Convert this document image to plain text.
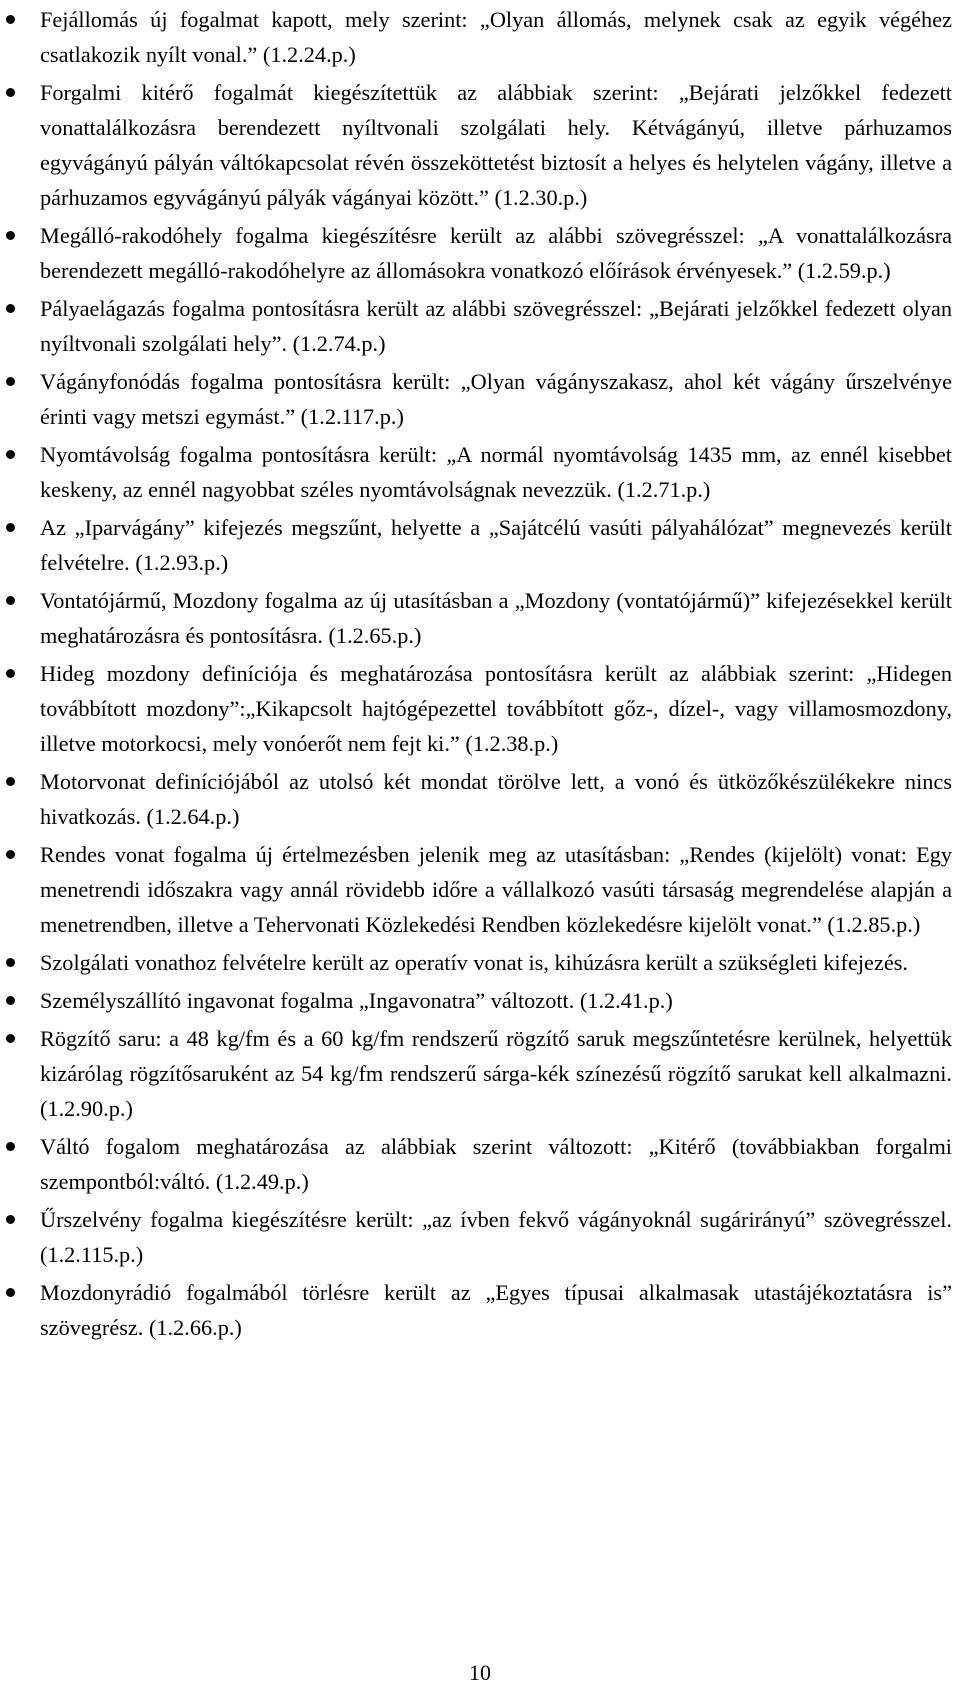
Fejállomás új fogalmat kapott, mely szerint: „Olyan állomás, melynek csak az egyik végéhez csatlakozik nyílt vonal.” (1.2.24.p.)
Forgalmi kitérő fogalmát kiegészítettük az alábbiak szerint: „Bejárati jelzőkkel fedezett vonattalálkozásra berendezett nyíltvonali szolgálati hely. Kétvágányú, illetve párhuzamos egyvágányú pályán váltókapcsolat révén összeköttetést biztosít a helyes és helytelen vágány, illetve a párhuzamos egyvágányú pályák vágányai között.” (1.2.30.p.)
Megálló-rakodóhely fogalma kiegészítésre került az alábbi szövegrésszel: „A vonattalálkozásra berendezett megálló-rakodóhelyre az állomásokra vonatkozó előírások érvényesek.” (1.2.59.p.)
Pályaelágazás fogalma pontosításra került az alábbi szövegrésszel: „Bejárati jelzőkkel fedezett olyan nyíltvonali szolgálati hely”. (1.2.74.p.)
Vágányfonódás fogalma pontosításra került: „Olyan vágányszakasz, ahol két vágány űrszelvénye érinti vagy metszi egymást.” (1.2.117.p.)
Nyomtávolság fogalma pontosításra került: „A normál nyomtávolság 1435 mm, az ennél kisebbet keskeny, az ennél nagyobbat széles nyomtávolságnak nevezzük. (1.2.71.p.)
Az „Iparvágány” kifejezés megszűnt, helyette a „Sajátcélú vasúti pályahálózat” megnevezés került felvételre. (1.2.93.p.)
Vontatójármű, Mozdony fogalma az új utasításban a „Mozdony (vontatójármű)” kifejezésekkel került meghatározásra és pontosításra. (1.2.65.p.)
Hideg mozdony definíciója és meghatározása pontosításra került az alábbiak szerint: „Hidegen továbbított mozdony”:„Kikapcsolt hajtógépezettel továbbított gőz-, dízel-, vagy villamosmozdony, illetve motorkocsi, mely vonóerőt nem fejt ki.” (1.2.38.p.)
Motorvonat definíciójából az utolsó két mondat törölve lett, a vonó és ütközőkészülékekre nincs hivatkozás. (1.2.64.p.)
Rendes vonat fogalma új értelmezésben jelenik meg az utasításban: „Rendes (kijelölt) vonat: Egy menetrendi időszakra vagy annál rövidebb időre a vállalkozó vasúti társaság megrendelése alapján a menetrendben, illetve a Tehervonati Közlekedési Rendben közlekedésre kijelölt vonat.” (1.2.85.p.)
Szolgálati vonathoz felvételre került az operatív vonat is, kihúzásra került a szükségleti kifejezés.
Személyszállító ingavonat fogalma „Ingavonatra” változott. (1.2.41.p.)
Rögzítő saru: a 48 kg/fm és a 60 kg/fm rendszerű rögzítő saruk megszűntetésre kerülnek, helyettük kizárólag rögzítősaruként az 54 kg/fm rendszerű sárga-kék színezésű rögzítő sarukat kell alkalmazni. (1.2.90.p.)
Váltó fogalom meghatározása az alábbiak szerint változott: „Kitérő (továbbiakban forgalmi szempontból:váltó. (1.2.49.p.)
Űrszelvény fogalma kiegészítésre került: „az ívben fekvő vágányoknál sugárirányú” szövegrésszel. (1.2.115.p.)
Mozdonyrádió fogalmából törlésre került az „Egyes típusai alkalmasak utastájékoztatásra is” szövegrész. (1.2.66.p.)
10
